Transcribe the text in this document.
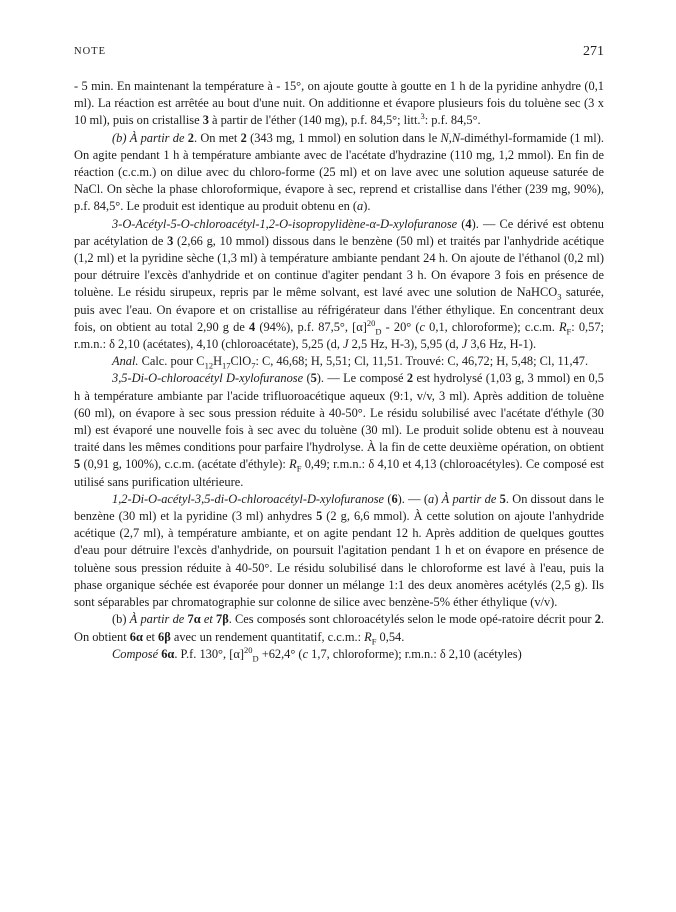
NOTE	271

- 5 min. En maintenant la température à - 15°, on ajoute goutte à goutte en 1 h de la pyridine anhydre (0,1 ml). La réaction est arrêtée au bout d'une nuit. On additionne et évapore plusieurs fois du toluène sec (3 x 10 ml), puis on cristallise 3 à partir de l'éther (140 mg), p.f. 84,5°; litt.$^3$: p.f. 84,5°.

(b) À partir de 2. On met 2 (343 mg, 1 mmol) en solution dans le N,N-diméthyl-formamide (1 ml). On agite pendant 1 h à température ambiante avec de l'acétate d'hydrazine (110 mg, 1,2 mmol). En fin de réaction (c.c.m.) on dilue avec du chloro-forme (25 ml) et on lave avec une solution aqueuse saturée de NaCl. On sèche la phase chloroformique, évapore à sec, reprend et cristallise dans l'éther (239 mg, 90%), p.f. 84,5°. Le produit est identique au produit obtenu en (a).

3-O-Acétyl-5-O-chloroacétyl-1,2-O-isopropylidène-α-D-xylofuranose (4). — Ce dérivé est obtenu par acétylation de 3 (2,66 g, 10 mmol) dissous dans le benzène (50 ml) et traités par l'anhydride acétique (1,2 ml) et la pyridine sèche (1,3 ml) à température ambiante pendant 24 h. On ajoute de l'éthanol (0,2 ml) pour détruire l'excès d'anhydride et on continue d'agiter pendant 3 h. On évapore 3 fois en présence de toluène. Le résidu sirupeux, repris par le même solvant, est lavé avec une solution de NaHCO$_3$ saturée, puis avec l'eau. On évapore et on cristallise au réfrigérateur dans l'éther éthylique. En concentrant deux fois, on obtient au total 2,90 g de 4 (94%), p.f. 87,5°, $[\alpha]^{20}_D - 20^\circ$ (c 0,1, chloroforme); c.c.m. $R_F$: 0,57; r.m.n.: δ 2,10 (acétates), 4,10 (chloroacétate), 5,25 (d, J 2,5 Hz, H-3), 5,95 (d, J 3,6 Hz, H-1).

Anal. Calc. pour $C_{12}H_{17}ClO_7$: C, 46,68; H, 5,51; Cl, 11,51. Trouvé: C, 46,72; H, 5,48; Cl, 11,47.

3,5-Di-O-chloroacétyl D-xylofuranose (5). — Le composé 2 est hydrolysé (1,03 g, 3 mmol) en 0,5 h à température ambiante par l'acide trifluoroacétique aqueux (9:1, v/v, 3 ml). Après addition de toluène (60 ml), on évapore à sec sous pression réduite à 40-50°. Le résidu solubilisé avec l'acétate d'éthyle (30 ml) est évaporé une nouvelle fois à sec avec du toluène (30 ml). Le produit solide obtenu est à nouveau traité dans les mêmes conditions pour parfaire l'hydrolyse. À la fin de cette deuxième opération, on obtient 5 (0,91 g, 100%), c.c.m. (acétate d'éthyle): $R_F$ 0,49; r.m.n.: δ 4,10 et 4,13 (chloroacétyles). Ce composé est utilisé sans purification ultérieure.

1,2-Di-O-acétyl-3,5-di-O-chloroacétyl-D-xylofuranose (6). — (a) À partir de 5. On dissout dans le benzène (30 ml) et la pyridine (3 ml) anhydres 5 (2 g, 6,6 mmol). À cette solution on ajoute l'anhydride acétique (2,7 ml), à température ambiante, et on agite pendant 12 h. Après addition de quelques gouttes d'eau pour détruire l'excès d'anhydride, on poursuit l'agitation pendant 1 h et on évapore en présence de toluène sous pression réduite à 40-50°. Le résidu solubilisé dans le chloroforme est lavé à l'eau, puis la phase organique séchée est évaporée pour donner un mélange 1:1 des deux anomères acétylés (2,5 g). Ils sont séparables par chromatographie sur colonne de silice avec benzène-5% éther éthylique (v/v).

(b) À partir de 7α et 7β. Ces composés sont chloroacétylés selon le mode opé-ratoire décrit pour 2. On obtient 6α et 6β avec un rendement quantitatif, c.c.m.: $R_F$ 0,54.

Composé 6α. P.f. 130°, $[\alpha]^{20}_D +62,4^\circ$ (c 1,7, chloroforme); r.m.n.: δ 2,10 (acétyles)
